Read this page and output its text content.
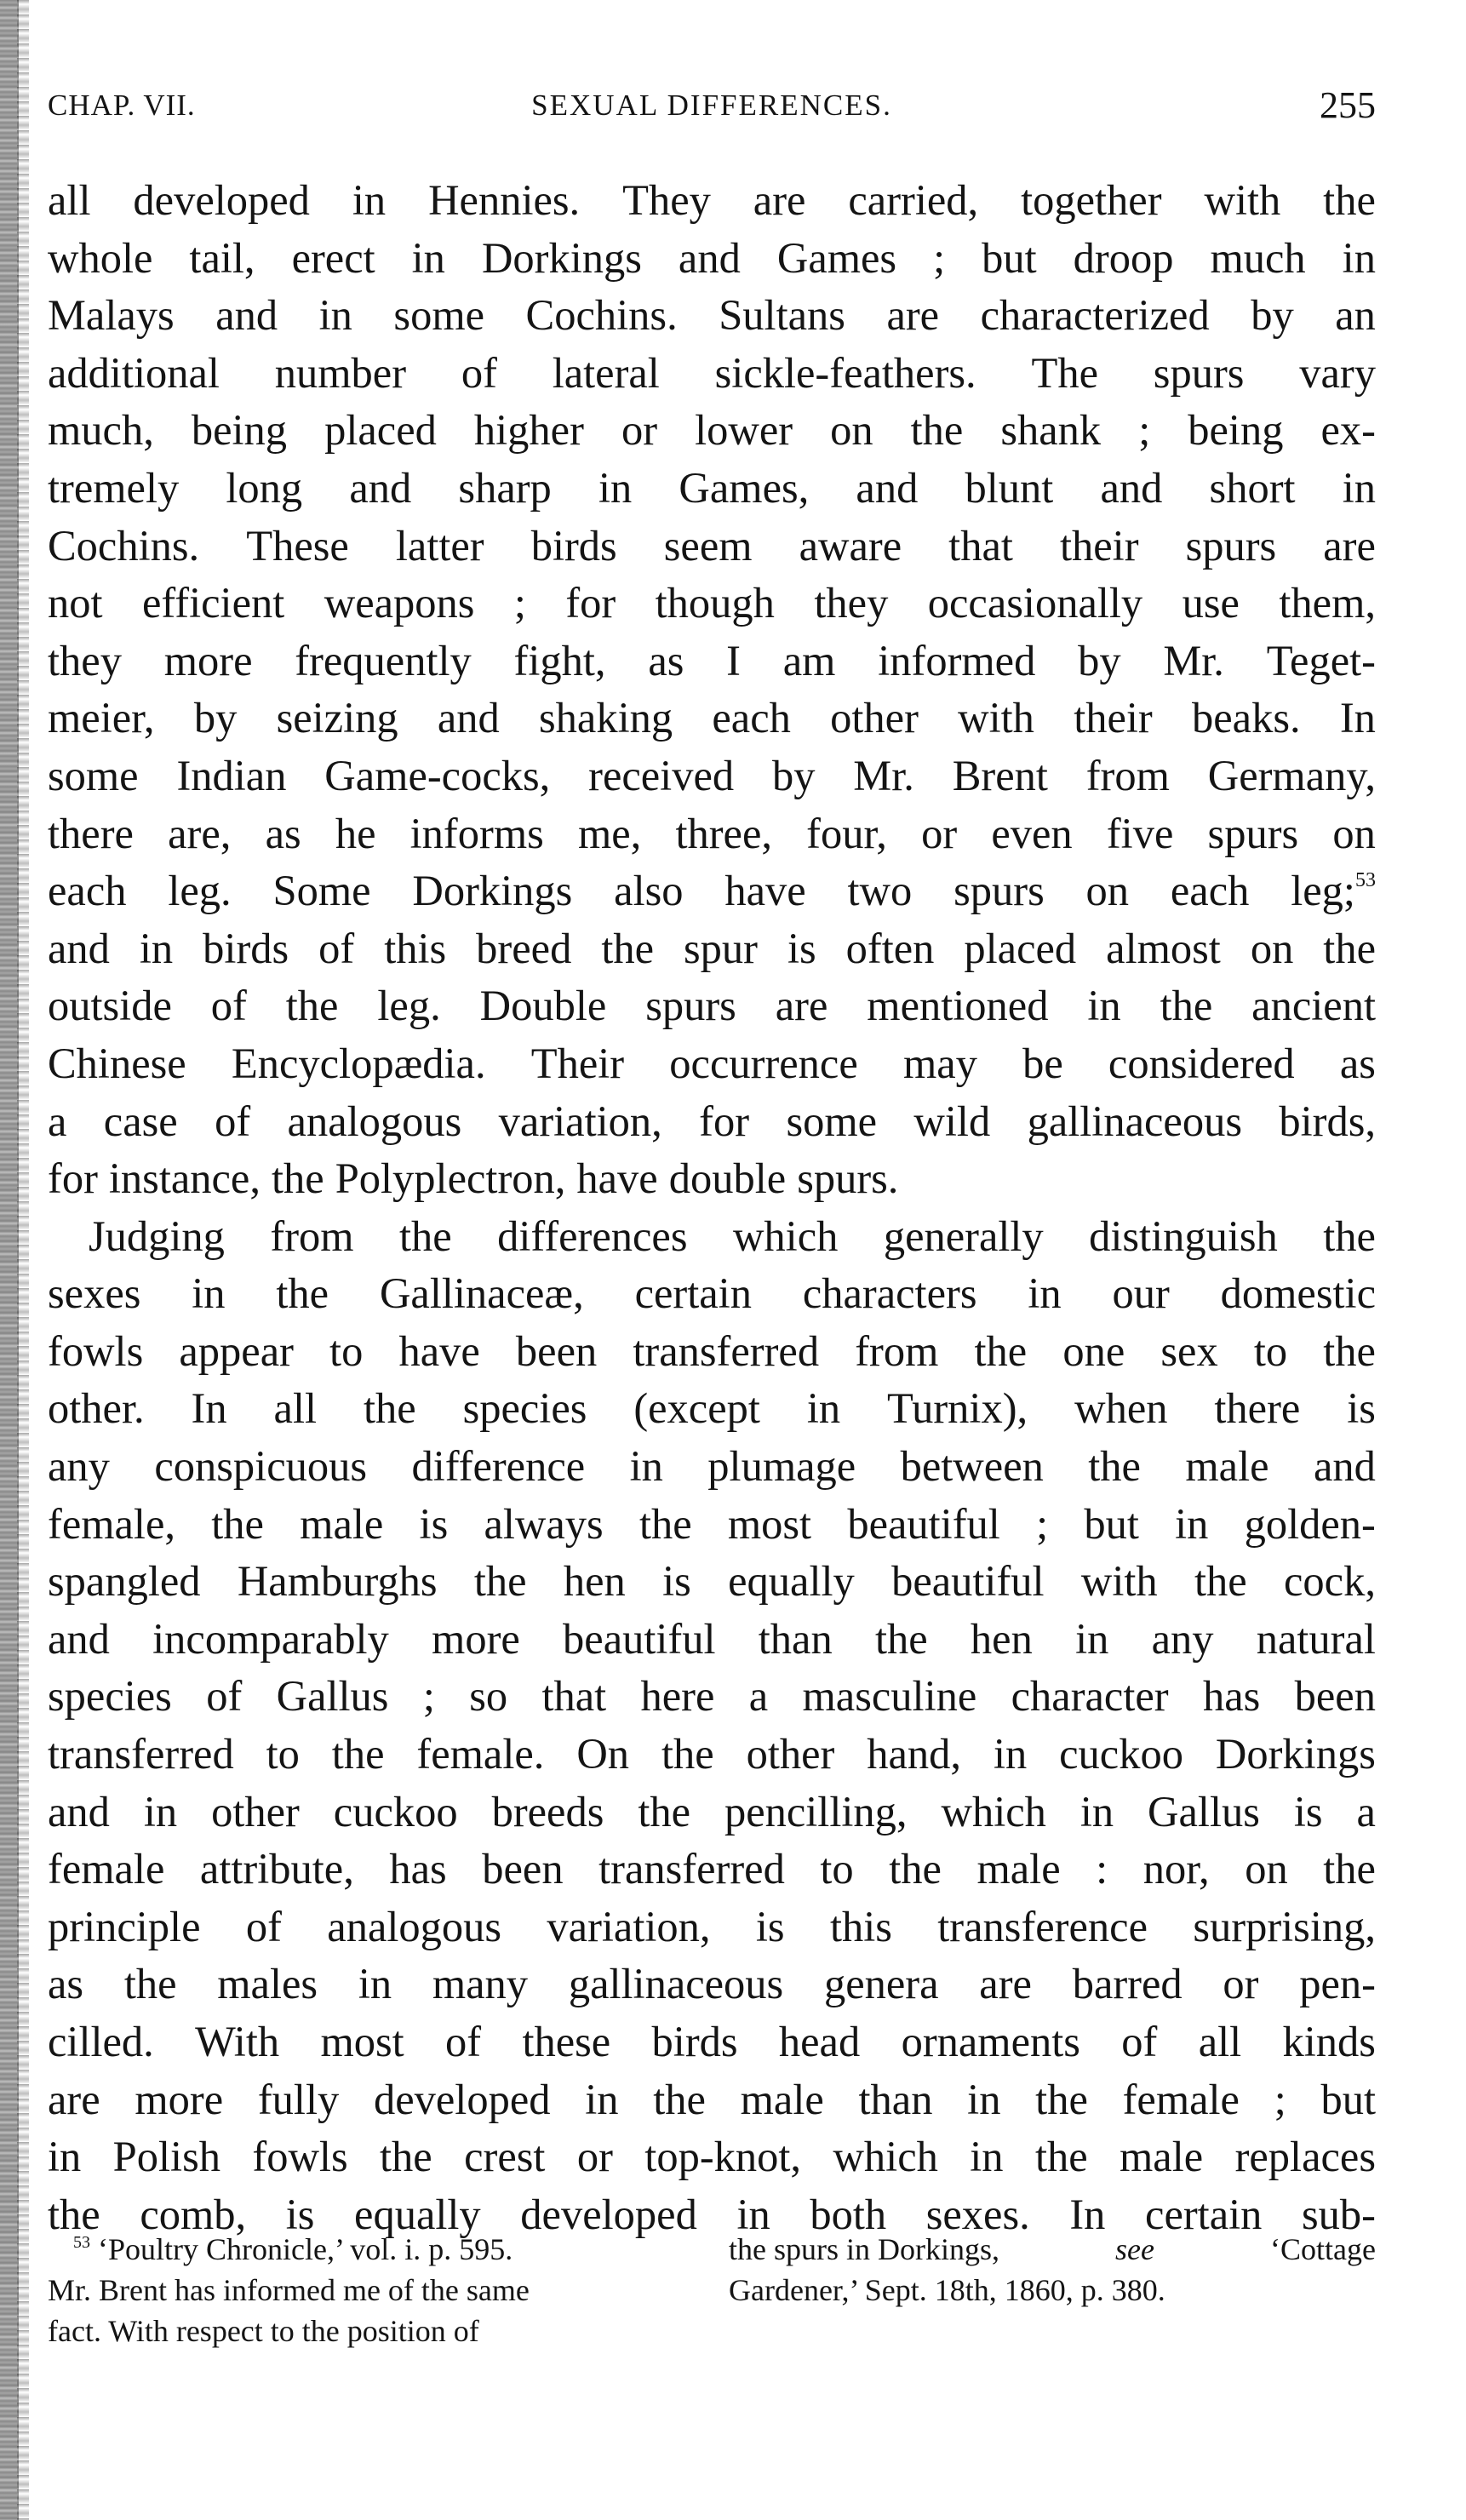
CHAP. VII.	SEXUAL DIFFERENCES.	255
all developed in Hennies. They are carried, together with the
whole tail, erect in Dorkings and Games ; but droop much in
Malays and in some Cochins. Sultans are characterized by an
additional number of lateral sickle-feathers. The spurs vary
much, being placed higher or lower on the shank ; being ex-
tremely long and sharp in Games, and blunt and short in
Cochins. These latter birds seem aware that their spurs are
not efficient weapons ; for though they occasionally use them,
they more frequently fight, as I am informed by Mr. Teget-
meier, by seizing and shaking each other with their beaks. In
some Indian Game-cocks, received by Mr. Brent from Germany,
there are, as he informs me, three, four, or even five spurs on
each leg. Some Dorkings also have two spurs on each leg;$^{53}$
and in birds of this breed the spur is often placed almost on the
outside of the leg. Double spurs are mentioned in the ancient
Chinese Encyclopædia. Their occurrence may be considered as
a case of analogous variation, for some wild gallinaceous birds,
for instance, the Polyplectron, have double spurs.
Judging from the differences which generally distinguish the
sexes in the Gallinaceæ, certain characters in our domestic
fowls appear to have been transferred from the one sex to the
other. In all the species (except in Turnix), when there is
any conspicuous difference in plumage between the male and
female, the male is always the most beautiful ; but in golden-
spangled Hamburghs the hen is equally beautiful with the cock,
and incomparably more beautiful than the hen in any natural
species of Gallus ; so that here a masculine character has been
transferred to the female. On the other hand, in cuckoo Dorkings
and in other cuckoo breeds the pencilling, which in Gallus is a
female attribute, has been transferred to the male : nor, on the
principle of analogous variation, is this transference surprising,
as the males in many gallinaceous genera are barred or pen-
cilled. With most of these birds head ornaments of all kinds
are more fully developed in the male than in the female ; but
in Polish fowls the crest or top-knot, which in the male replaces
the comb, is equally developed in both sexes. In certain sub-
$^{53}$ ‘Poultry Chronicle,’ vol. i. p. 595.
Mr. Brent has informed me of the same
fact. With respect to the position of
the spurs in Dorkings,	see	‘Cottage
Gardener,’ Sept. 18th, 1860, p. 380.
